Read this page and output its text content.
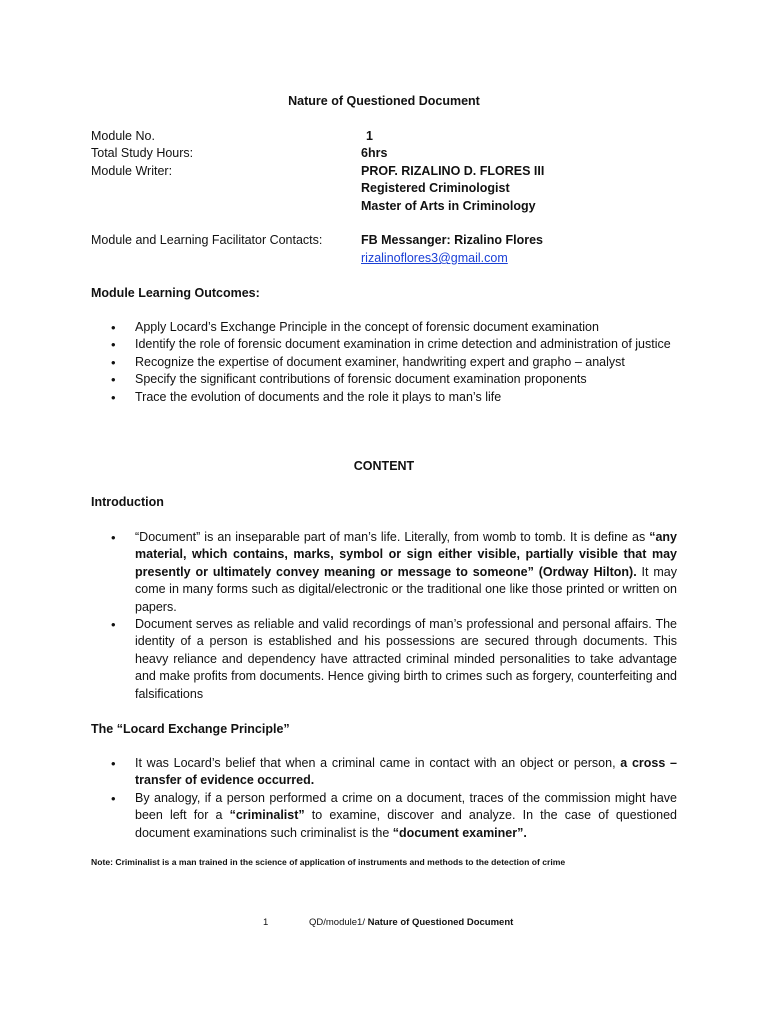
Nature of Questioned Document
Module No.	1
Total Study Hours:	6hrs
Module Writer:	PROF. RIZALINO D. FLORES III
Registered Criminologist
Master of Arts in Criminology
Module and Learning Facilitator Contacts:	FB Messanger: Rizalino Flores
rizalinoflores3@gmail.com
Module Learning Outcomes:
• Apply Locard’s Exchange Principle in the concept of forensic document examination
• Identify the role of forensic document examination in crime detection and administration of justice
• Recognize the expertise of document examiner, handwriting expert and grapho – analyst
• Specify the significant contributions of forensic document examination proponents
• Trace the evolution of documents and the role it plays to man’s life
CONTENT
Introduction
• “Document” is an inseparable part of man’s life. Literally, from womb to tomb. It is define as “any material, which contains, marks, symbol or sign either visible, partially visible that may presently or ultimately convey meaning or message to someone” (Ordway Hilton). It may come in many forms such as digital/electronic or the traditional one like those printed or written on papers.
• Document serves as reliable and valid recordings of man’s professional and personal affairs. The identity of a person is established and his possessions are secured through documents. This heavy reliance and dependency have attracted criminal minded personalities to take advantage and make profits from documents. Hence giving birth to crimes such as forgery, counterfeiting and falsifications
The “Locard Exchange Principle”
• It was Locard’s belief that when a criminal came in contact with an object or person, a cross – transfer of evidence occurred.
• By analogy, if a person performed a crime on a document, traces of the commission might have been left for a “criminalist” to examine, discover and analyze. In the case of questioned document examinations such criminalist is the “document examiner”.
Note: Criminalist is a man trained in the science of application of instruments and methods to the detection of crime
1	QD/module1/ Nature of Questioned Document
